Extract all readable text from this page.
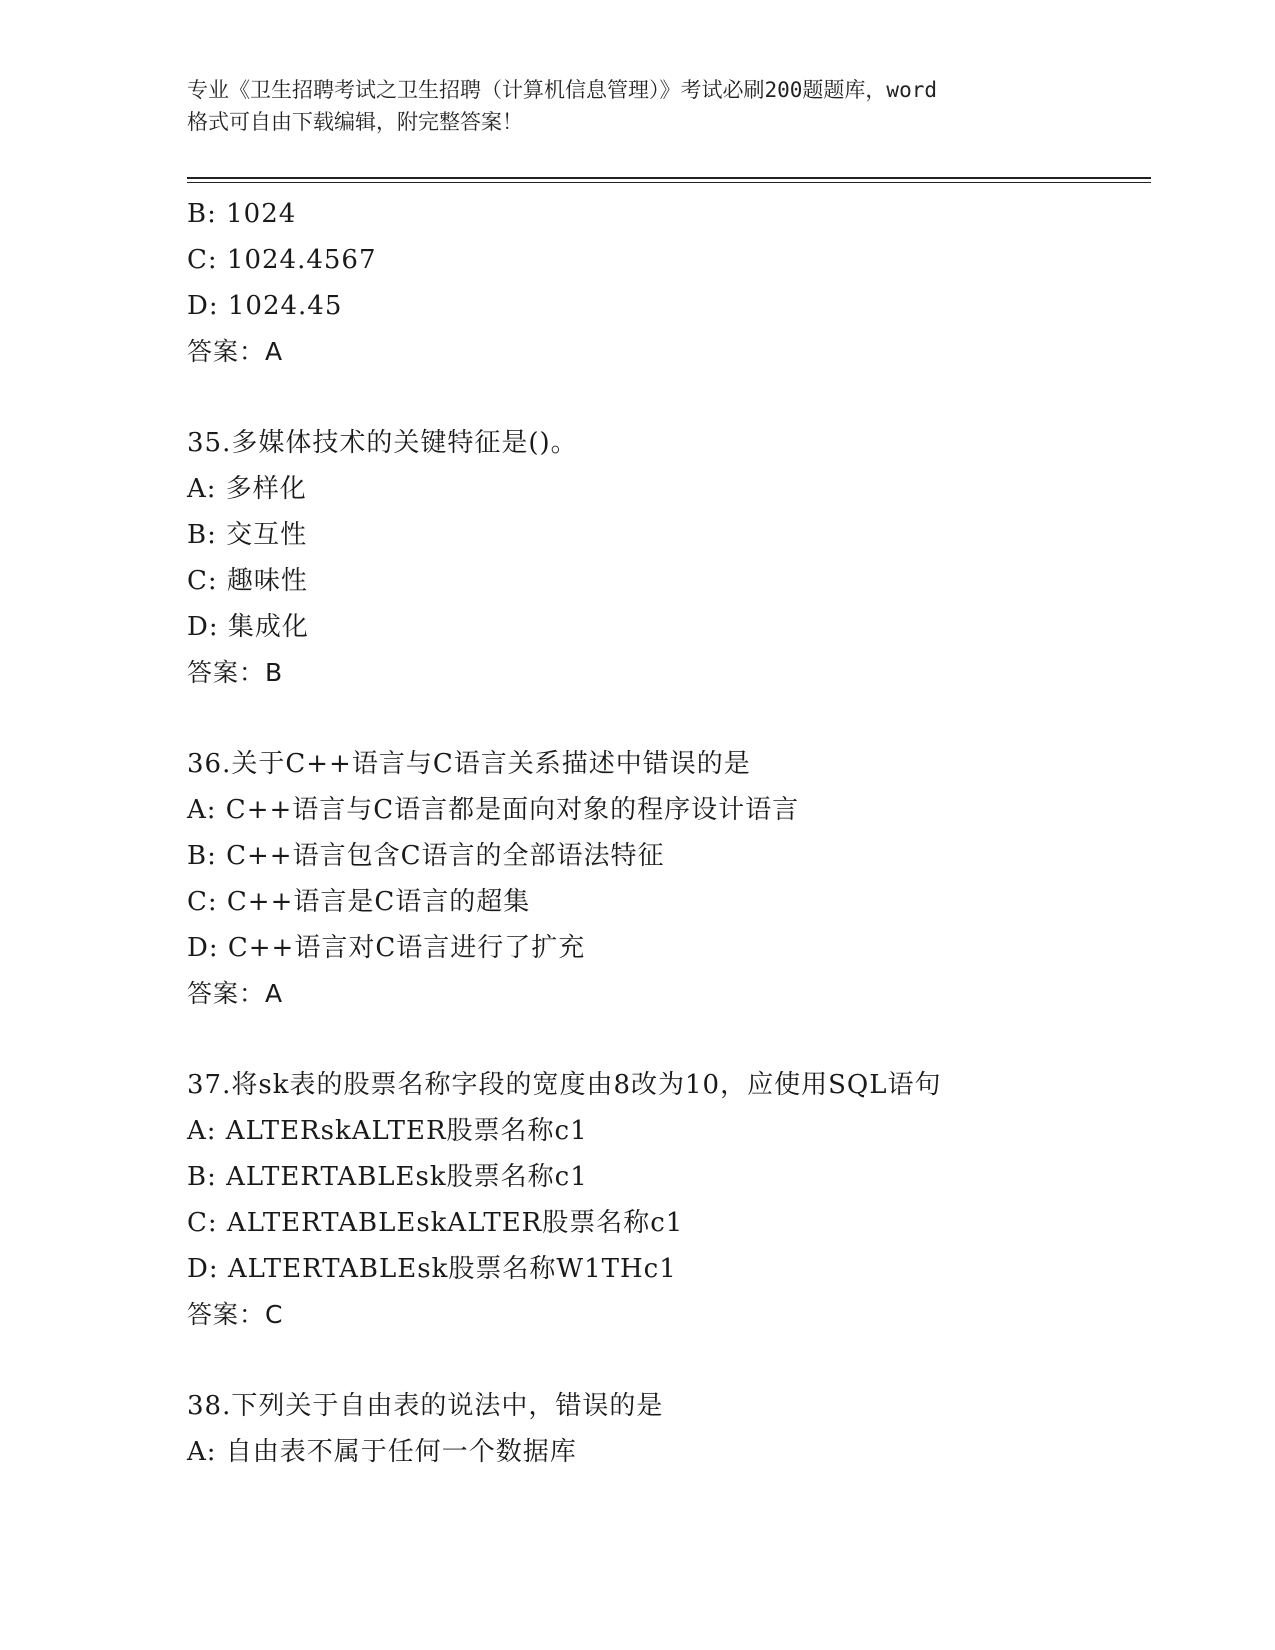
专业《卫生招聘考试之卫生招聘（计算机信息管理）》考试必刷200题题库，word
格式可自由下载编辑，附完整答案！
B: 1024
C: 1024.4567
D: 1024.45
答案：A
35.多媒体技术的关键特征是()。
A: 多样化
B: 交互性
C: 趣味性
D: 集成化
答案：B
36.关于C++语言与C语言关系描述中错误的是
A: C++语言与C语言都是面向对象的程序设计语言
B: C++语言包含C语言的全部语法特征
C: C++语言是C语言的超集
D: C++语言对C语言进行了扩充
答案：A
37.将sk表的股票名称字段的宽度由8改为10，应使用SQL语句
A: ALTERskALTER股票名称c1
B: ALTERTABLEsk股票名称c1
C: ALTERTABLEskALTER股票名称c1
D: ALTERTABLEsk股票名称W1THc1
答案：C
38.下列关于自由表的说法中，错误的是
A: 自由表不属于任何一个数据库
